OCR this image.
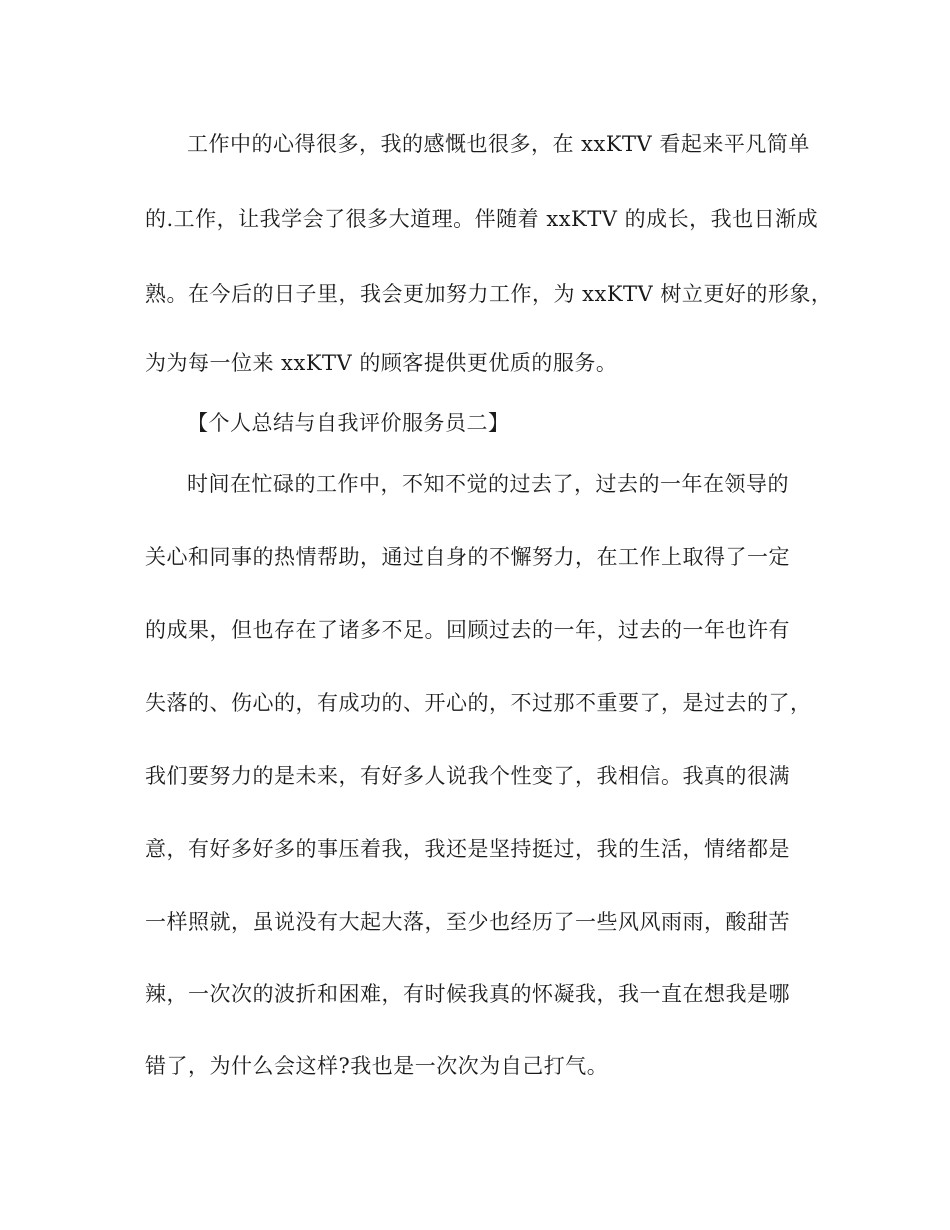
工作中的心得很多，我的感慨也很多，在 xxKTV 看起来平凡简单
的.工作，让我学会了很多大道理。伴随着 xxKTV 的成长，我也日渐成
熟。在今后的日子里，我会更加努力工作，为 xxKTV 树立更好的形象，
为为每一位来 xxKTV 的顾客提供更优质的服务。
【个人总结与自我评价服务员二】
时间在忙碌的工作中，不知不觉的过去了，过去的一年在领导的
关心和同事的热情帮助，通过自身的不懈努力，在工作上取得了一定
的成果，但也存在了诸多不足。回顾过去的一年，过去的一年也许有
失落的、伤心的，有成功的、开心的，不过那不重要了，是过去的了，
我们要努力的是未来，有好多人说我个性变了，我相信。我真的很满
意，有好多好多的事压着我，我还是坚持挺过，我的生活，情绪都是
一样照就，虽说没有大起大落，至少也经历了一些风风雨雨，酸甜苦
辣，一次次的波折和困难，有时候我真的怀凝我，我一直在想我是哪
错了，为什么会这样?我也是一次次为自己打气。
